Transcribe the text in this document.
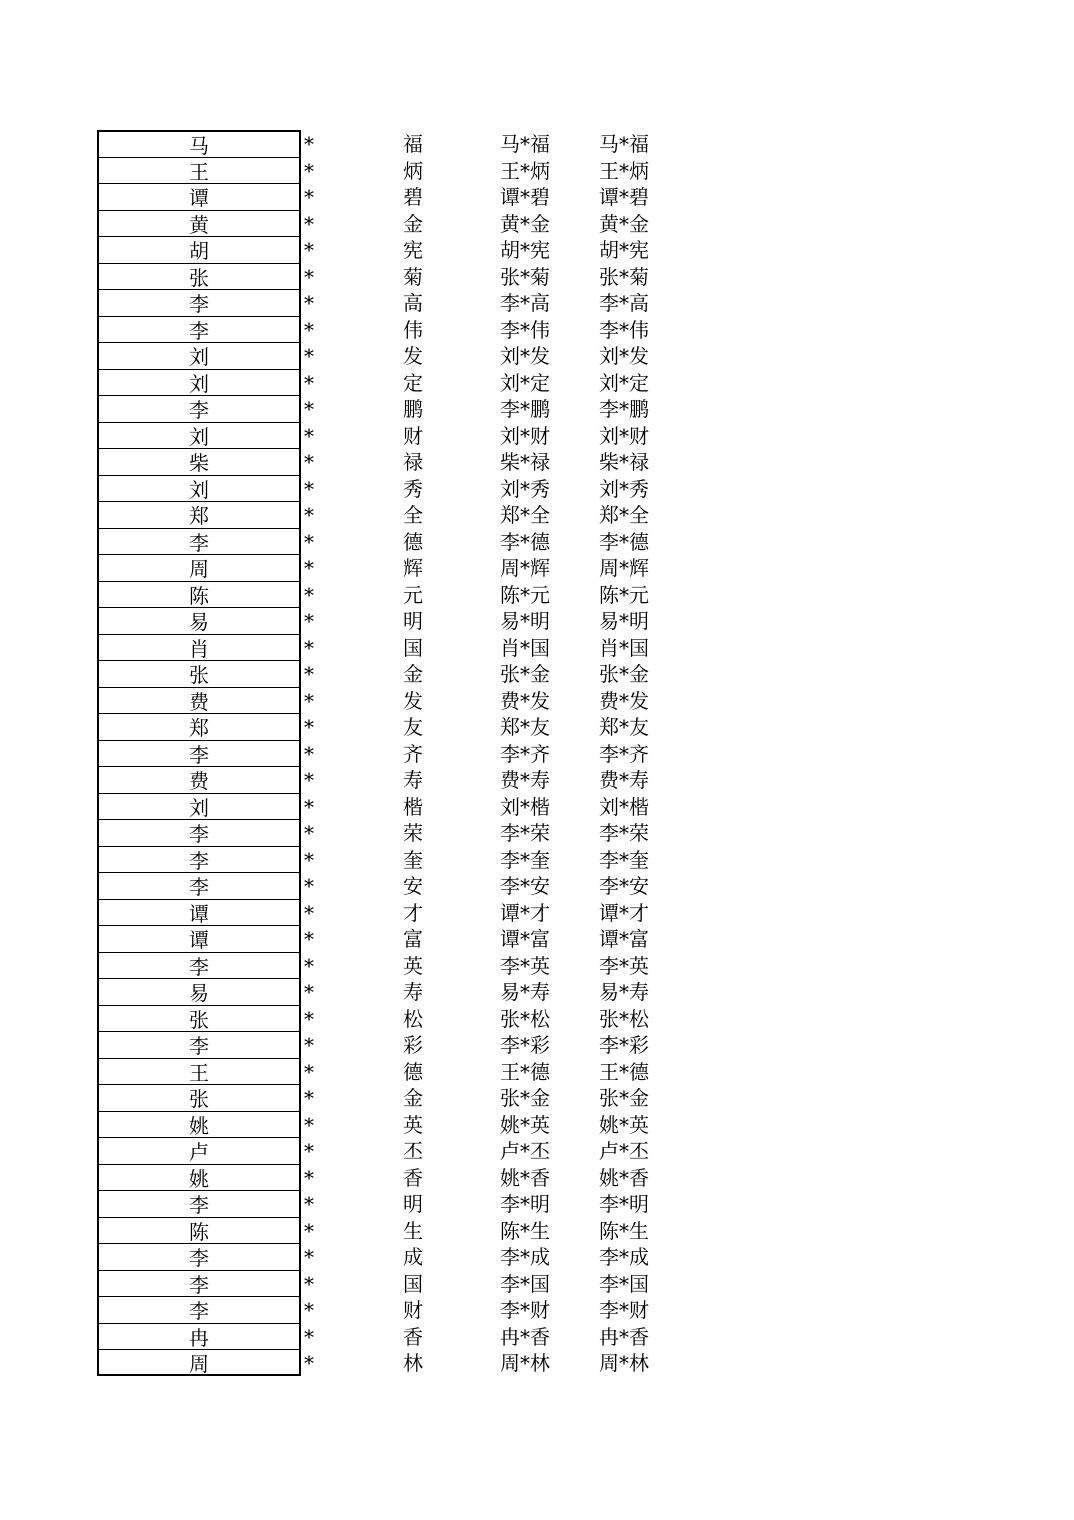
马	*	福	马*福	马*福
王	*	炳	王*炳	王*炳
谭	*	碧	谭*碧	谭*碧
黄	*	金	黄*金	黄*金
胡	*	宪	胡*宪	胡*宪
张	*	菊	张*菊	张*菊
李	*	高	李*高	李*高
李	*	伟	李*伟	李*伟
刘	*	发	刘*发	刘*发
刘	*	定	刘*定	刘*定
李	*	鹏	李*鹏	李*鹏
刘	*	财	刘*财	刘*财
柴	*	禄	柴*禄	柴*禄
刘	*	秀	刘*秀	刘*秀
郑	*	全	郑*全	郑*全
李	*	德	李*德	李*德
周	*	辉	周*辉	周*辉
陈	*	元	陈*元	陈*元
易	*	明	易*明	易*明
肖	*	国	肖*国	肖*国
张	*	金	张*金	张*金
费	*	发	费*发	费*发
郑	*	友	郑*友	郑*友
李	*	齐	李*齐	李*齐
费	*	寿	费*寿	费*寿
刘	*	楷	刘*楷	刘*楷
李	*	荣	李*荣	李*荣
李	*	奎	李*奎	李*奎
李	*	安	李*安	李*安
谭	*	才	谭*才	谭*才
谭	*	富	谭*富	谭*富
李	*	英	李*英	李*英
易	*	寿	易*寿	易*寿
张	*	松	张*松	张*松
李	*	彩	李*彩	李*彩
王	*	德	王*德	王*德
张	*	金	张*金	张*金
姚	*	英	姚*英	姚*英
卢	*	丕	卢*丕	卢*丕
姚	*	香	姚*香	姚*香
李	*	明	李*明	李*明
陈	*	生	陈*生	陈*生
李	*	成	李*成	李*成
李	*	国	李*国	李*国
李	*	财	李*财	李*财
冉	*	香	冉*香	冉*香
周	*	林	周*林	周*林
